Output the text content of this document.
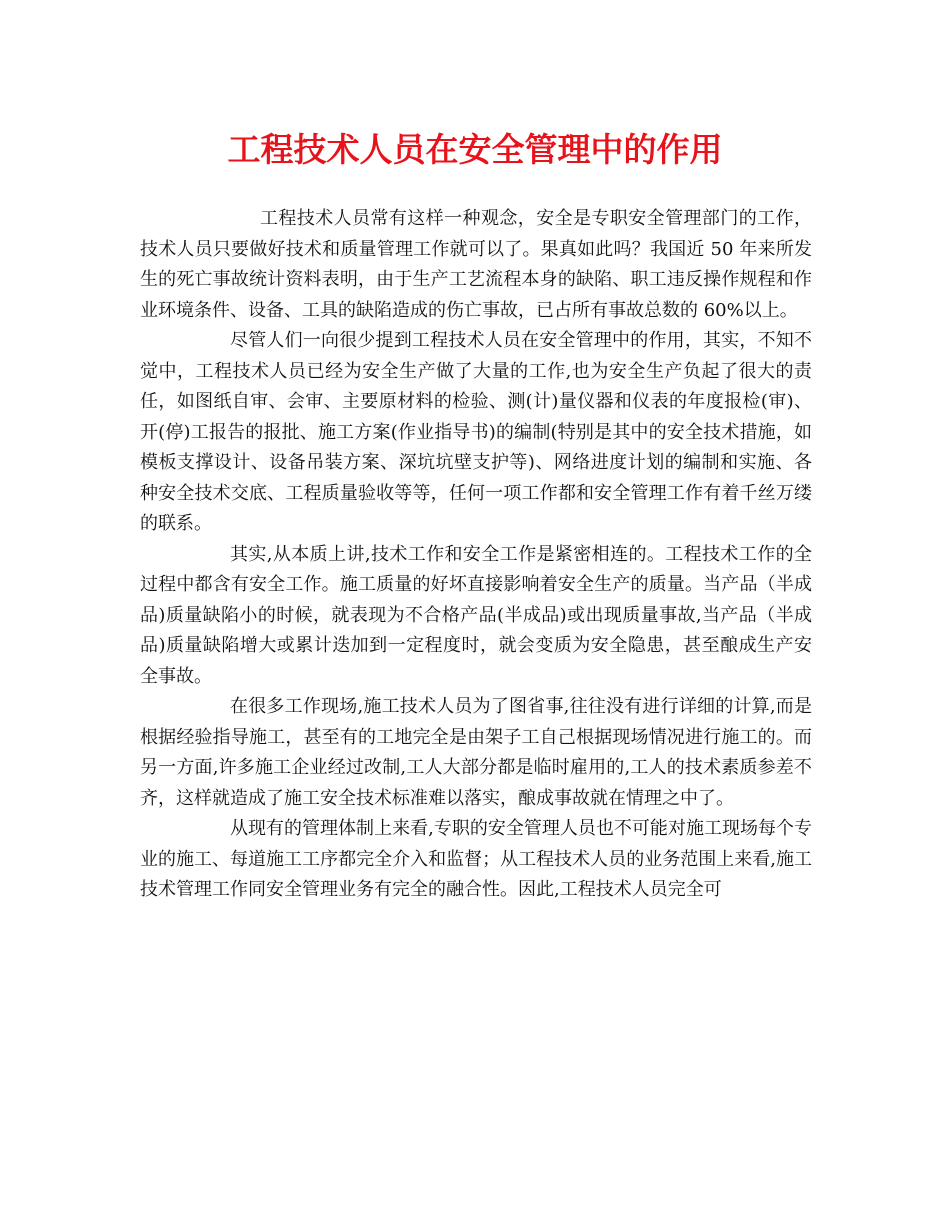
工程技术人员在安全管理中的作用

工程技术人员常有这样一种观念，安全是专职安全管理部门的工作，技术人员只要做好技术和质量管理工作就可以了。果真如此吗？我国近 50 年来所发生的死亡事故统计资料表明，由于生产工艺流程本身的缺陷、职工违反操作规程和作业环境条件、设备、工具的缺陷造成的伤亡事故，已占所有事故总数的 60%以上。

尽管人们一向很少提到工程技术人员在安全管理中的作用，其实，不知不觉中，工程技术人员已经为安全生产做了大量的工作,也为安全生产负起了很大的责任，如图纸自审、会审、主要原材料的检验、测(计)量仪器和仪表的年度报检(审)、开(停)工报告的报批、施工方案(作业指导书)的编制(特别是其中的安全技术措施，如模板支撑设计、设备吊装方案、深坑坑壁支护等)、网络进度计划的编制和实施、各种安全技术交底、工程质量验收等等，任何一项工作都和安全管理工作有着千丝万缕的联系。

其实,从本质上讲,技术工作和安全工作是紧密相连的。工程技术工作的全过程中都含有安全工作。施工质量的好坏直接影响着安全生产的质量。当产品（半成品)质量缺陷小的时候，就表现为不合格产品(半成品)或出现质量事故,当产品（半成品)质量缺陷增大或累计迭加到一定程度时，就会变质为安全隐患，甚至酿成生产安全事故。

在很多工作现场,施工技术人员为了图省事,往往没有进行详细的计算,而是根据经验指导施工，甚至有的工地完全是由架子工自己根据现场情况进行施工的。而另一方面,许多施工企业经过改制,工人大部分都是临时雇用的,工人的技术素质参差不齐，这样就造成了施工安全技术标准难以落实，酿成事故就在情理之中了。

从现有的管理体制上来看,专职的安全管理人员也不可能对施工现场每个专业的施工、每道施工工序都完全介入和监督；从工程技术人员的业务范围上来看,施工技术管理工作同安全管理业务有完全的融合性。因此,工程技术人员完全可
